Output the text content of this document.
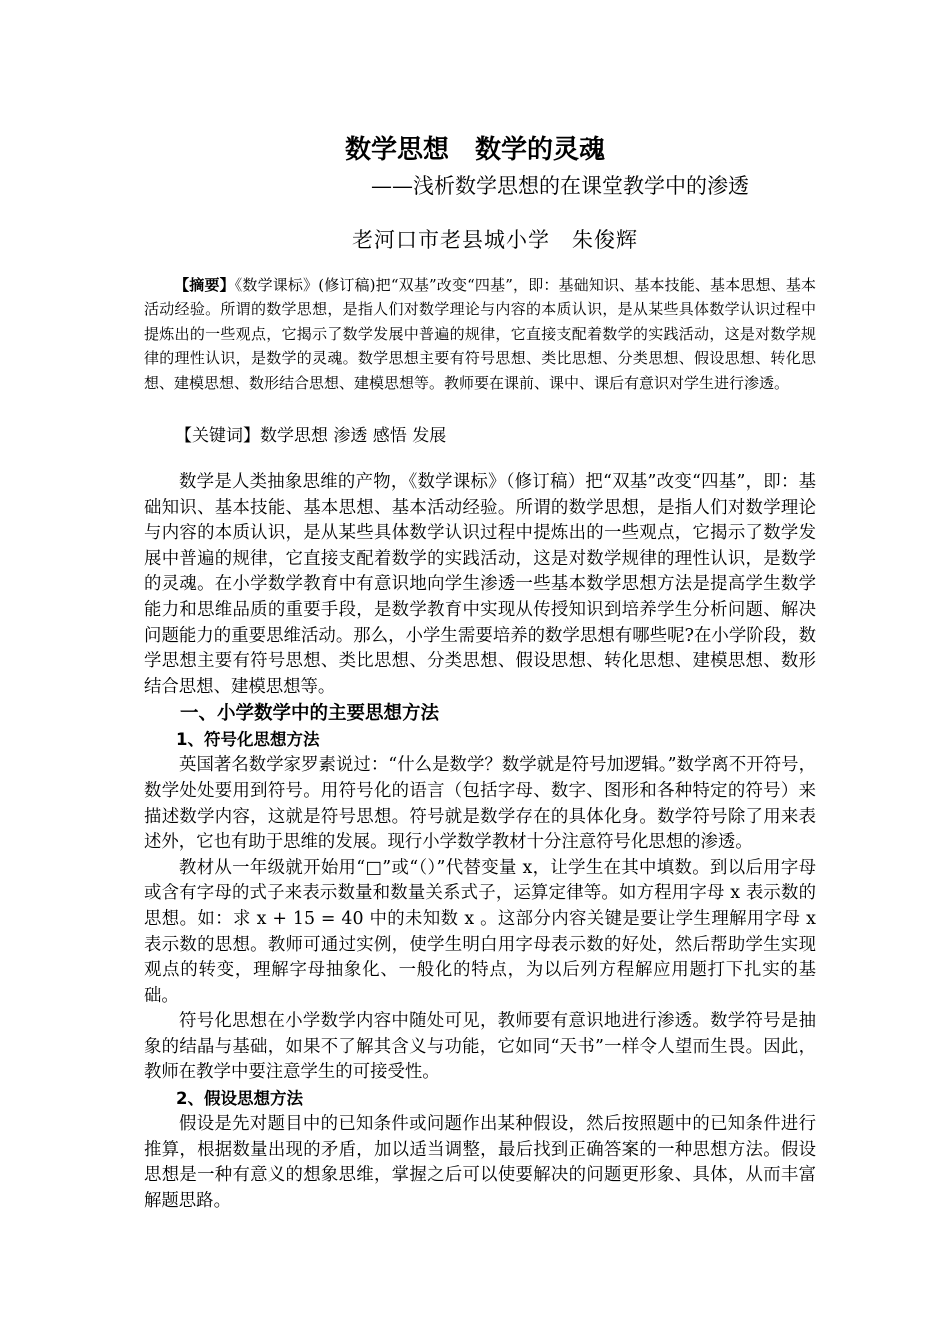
数学思想　数学的灵魂
——浅析数学思想的在课堂教学中的渗透
老河口市老县城小学　朱俊辉
【摘要】《数学课标》(修订稿)把“双基”改变“四基”，即：基础知识、基本技能、基本思想、基本活动经验。所谓的数学思想，是指人们对数学理论与内容的本质认识，是从某些具体数学认识过程中提炼出的一些观点，它揭示了数学发展中普遍的规律，它直接支配着数学的实践活动，这是对数学规律的理性认识，是数学的灵魂。数学思想主要有符号思想、类比思想、分类思想、假设思想、转化思想、建模思想、数形结合思想、建模思想等。教师要在课前、课中、课后有意识对学生进行渗透。
【关键词】数学思想 渗透 感悟 发展

数学是人类抽象思维的产物，《数学课标》（修订稿）把“双基”改变“四基”，即：基础知识、基本技能、基本思想、基本活动经验。所谓的数学思想，是指人们对数学理论与内容的本质认识，是从某些具体数学认识过程中提炼出的一些观点，它揭示了数学发展中普遍的规律，它直接支配着数学的实践活动，这是对数学规律的理性认识，是数学的灵魂。在小学数学教育中有意识地向学生渗透一些基本数学思想方法是提高学生数学能力和思维品质的重要手段，是数学教育中实现从传授知识到培养学生分析问题、解决问题能力的重要思维活动。那么，小学生需要培养的数学思想有哪些呢?在小学阶段，数学思想主要有符号思想、类比思想、分类思想、假设思想、转化思想、建模思想、数形结合思想、建模思想等。

一、小学数学中的主要思想方法
1、符号化思想方法

英国著名数学家罗素说过：“什么是数学？数学就是符号加逻辑。”数学离不开符号，数学处处要用到符号。用符号化的语言（包括字母、数字、图形和各种特定的符号）来描述数学内容，这就是符号思想。符号就是数学存在的具体化身。数学符号除了用来表述外，它也有助于思维的发展。现行小学数学教材十分注意符号化思想的渗透。

教材从一年级就开始用“□”或“（）”代替变量 x，让学生在其中填数。到以后用字母或含有字母的式子来表示数量和数量关系式子，运算定律等。如方程用字母 x 表示数的思想。如：求 x + 15 = 40 中的未知数 x 。这部分内容关键是要让学生理解用字母 x 表示数的思想。教师可通过实例，使学生明白用字母表示数的好处，然后帮助学生实现观点的转变，理解字母抽象化、一般化的特点，为以后列方程解应用题打下扎实的基础。

符号化思想在小学数学内容中随处可见，教师要有意识地进行渗透。数学符号是抽象的结晶与基础，如果不了解其含义与功能，它如同“天书”一样令人望而生畏。因此，教师在教学中要注意学生的可接受性。

2、假设思想方法

假设是先对题目中的已知条件或问题作出某种假设，然后按照题中的已知条件进行推算，根据数量出现的矛盾，加以适当调整，最后找到正确答案的一种思想方法。假设思想是一种有意义的想象思维，掌握之后可以使要解决的问题更形象、具体，从而丰富解题思路。
